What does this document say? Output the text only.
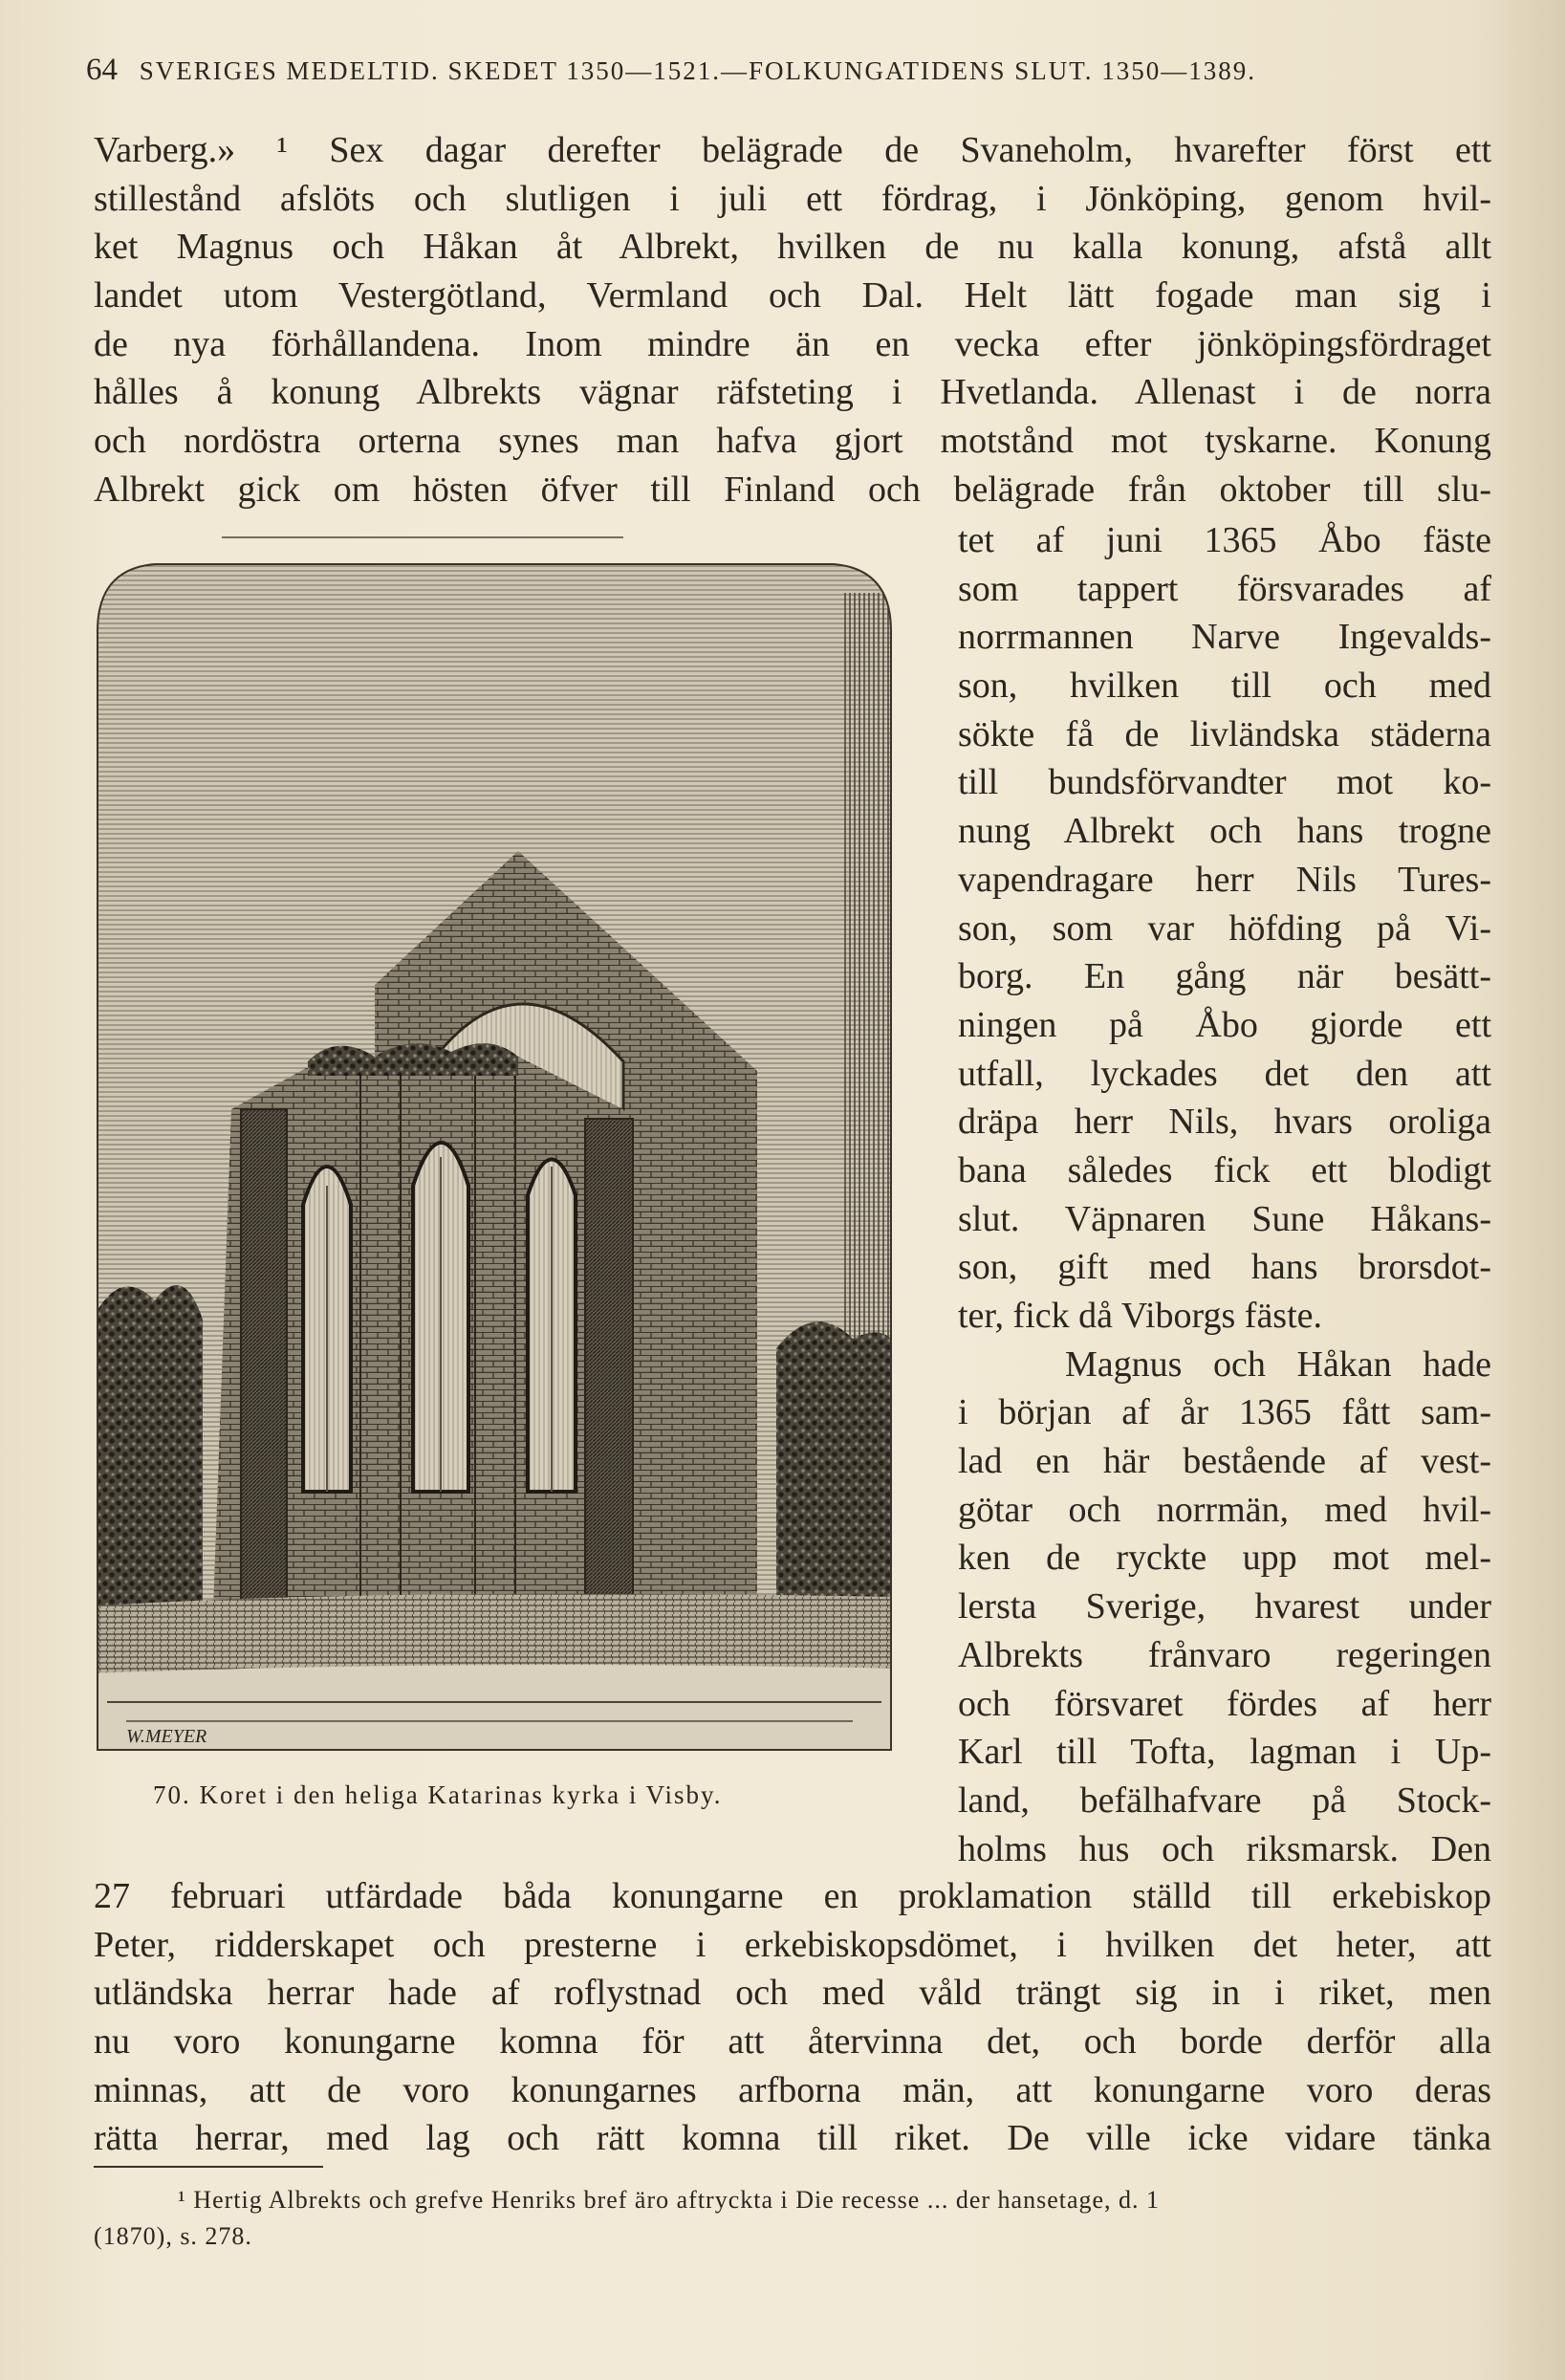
64 SVERIGES MEDELTID. SKEDET 1350—1521.—FOLKUNGATIDENS SLUT. 1350—1389.
Varberg.» ¹ Sex dagar derefter belägrade de Svaneholm, hvarefter först ett
stillestånd afslöts och slutligen i juli ett fördrag, i Jönköping, genom hvil-
ket Magnus och Håkan åt Albrekt, hvilken de nu kalla konung, afstå allt
landet utom Vestergötland, Vermland och Dal. Helt lätt fogade man sig i
de nya förhållandena. Inom mindre än en vecka efter jönköpingsfördraget
hålles å konung Albrekts vägnar räfsteting i Hvetlanda. Allenast i de norra
och nordöstra orterna synes man hafva gjort motstånd mot tyskarne. Konung
Albrekt gick om hösten öfver till Finland och belägrade från oktober till slu-
W.MEYER
tet af juni 1365 Åbo fäste
som tappert försvarades af
norrmannen Narve Ingevalds-
son, hvilken till och med
sökte få de livländska städerna
till bundsförvandter mot ko-
nung Albrekt och hans trogne
vapendragare herr Nils Tures-
son, som var höfding på Vi-
borg. En gång när besätt-
ningen på Åbo gjorde ett
utfall, lyckades det den att
dräpa herr Nils, hvars oroliga
bana således fick ett blodigt
slut. Väpnaren Sune Håkans-
son, gift med hans brorsdot-
ter, fick då Viborgs fäste.
Magnus och Håkan hade
i början af år 1365 fått sam-
lad en här bestående af vest-
götar och norrmän, med hvil-
ken de ryckte upp mot mel-
lersta Sverige, hvarest under
Albrekts frånvaro regeringen
och försvaret fördes af herr
Karl till Tofta, lagman i Up-
land, befälhafvare på Stock-
holms hus och riksmarsk. Den
70. Koret i den heliga Katarinas kyrka i Visby.
27 februari utfärdade båda konungarne en proklamation ställd till erkebiskop
Peter, ridderskapet och presterne i erkebiskopsdömet, i hvilken det heter, att
utländska herrar hade af roflystnad och med våld trängt sig in i riket, men
nu voro konungarne komna för att återvinna det, och borde derför alla
minnas, att de voro konungarnes arfborna män, att konungarne voro deras
rätta herrar, med lag och rätt komna till riket. De ville icke vidare tänka
¹ Hertig Albrekts och grefve Henriks bref äro aftryckta i Die recesse ... der hansetage, d. 1
(1870), s. 278.
